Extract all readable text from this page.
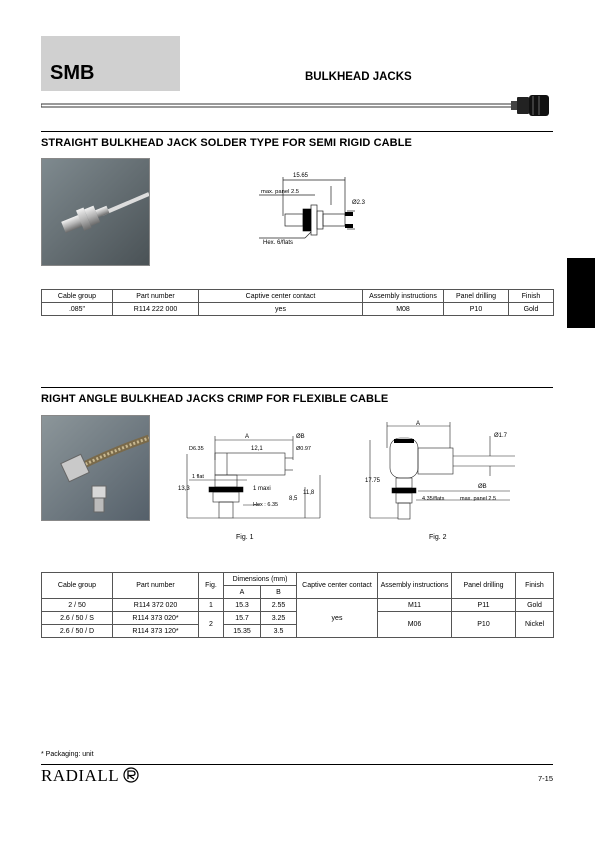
SMB	BULKHEAD JACKS
STRAIGHT BULKHEAD JACK SOLDER TYPE FOR SEMI RIGID CABLE
15.65
max. panel 2.5
Ø2.3
Hex. 6/flats
Cable group	Part number	Captive center contact	Assembly instructions	Panel drilling	Finish
.085"	R114 222 000	yes	M08	P10	Gold
RIGHT ANGLE BULKHEAD JACKS CRIMP FOR FLEXIBLE CABLE
A	ØB
D6.35	12,1	Ø0.97
1 flat
13,3	1 maxi
Hex : 6.35
8,5
11,8
Fig. 1
A
Ø1.7
17.75
ØB
4.35/flats	max. panel 2.5
Fig. 2
Cable group	Part number	Fig.	Dimensions (mm)		Captive center contact	Assembly instructions	Panel drilling	Finish
			A	B				
2 / 50	R114 372 020	1	15.3	2.55	yes	M11	P11	Gold
2.6 / 50 / S	R114 373 020*	2	15.7	3.25		M06	P10	Nickel
2.6 / 50 / D	R114 373 120*		15.35	3.5				
* Packaging: unit
RADIALL	7-15
